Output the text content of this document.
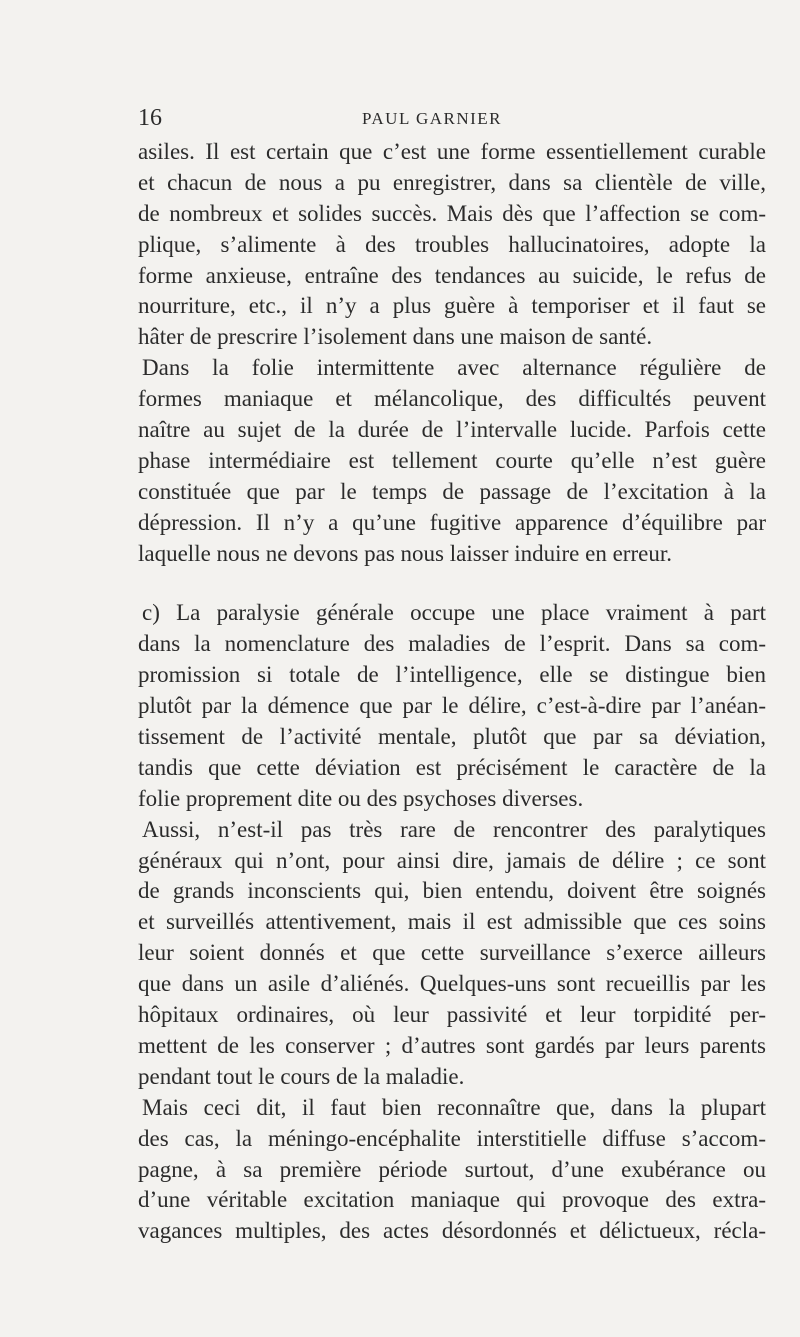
16	PAUL GARNIER
asiles. Il est certain que c’est une forme essentiellement curable
et chacun de nous a pu enregistrer, dans sa clientèle de ville,
de nombreux et solides succès. Mais dès que l’affection se com-
plique, s’alimente à des troubles hallucinatoires, adopte la
forme anxieuse, entraîne des tendances au suicide, le refus de
nourriture, etc., il n’y a plus guère à temporiser et il faut se
hâter de prescrire l’isolement dans une maison de santé.
Dans la folie intermittente avec alternance régulière de
formes maniaque et mélancolique, des difficultés peuvent
naître au sujet de la durée de l’intervalle lucide. Parfois cette
phase intermédiaire est tellement courte qu’elle n’est guère
constituée que par le temps de passage de l’excitation à la
dépression. Il n’y a qu’une fugitive apparence d’équilibre par
laquelle nous ne devons pas nous laisser induire en erreur.
c) La paralysie générale occupe une place vraiment à part
dans la nomenclature des maladies de l’esprit. Dans sa com-
promission si totale de l’intelligence, elle se distingue bien
plutôt par la démence que par le délire, c’est-à-dire par l’anéan-
tissement de l’activité mentale, plutôt que par sa déviation,
tandis que cette déviation est précisément le caractère de la
folie proprement dite ou des psychoses diverses.
Aussi, n’est-il pas très rare de rencontrer des paralytiques
généraux qui n’ont, pour ainsi dire, jamais de délire ; ce sont
de grands inconscients qui, bien entendu, doivent être soignés
et surveillés attentivement, mais il est admissible que ces soins
leur soient donnés et que cette surveillance s’exerce ailleurs
que dans un asile d’aliénés. Quelques-uns sont recueillis par les
hôpitaux ordinaires, où leur passivité et leur torpidité per-
mettent de les conserver ; d’autres sont gardés par leurs parents
pendant tout le cours de la maladie.
Mais ceci dit, il faut bien reconnaître que, dans la plupart
des cas, la méningo-encéphalite interstitielle diffuse s’accom-
pagne, à sa première période surtout, d’une exubérance ou
d’une véritable excitation maniaque qui provoque des extra-
vagances multiples, des actes désordonnés et délictueux, récla-
